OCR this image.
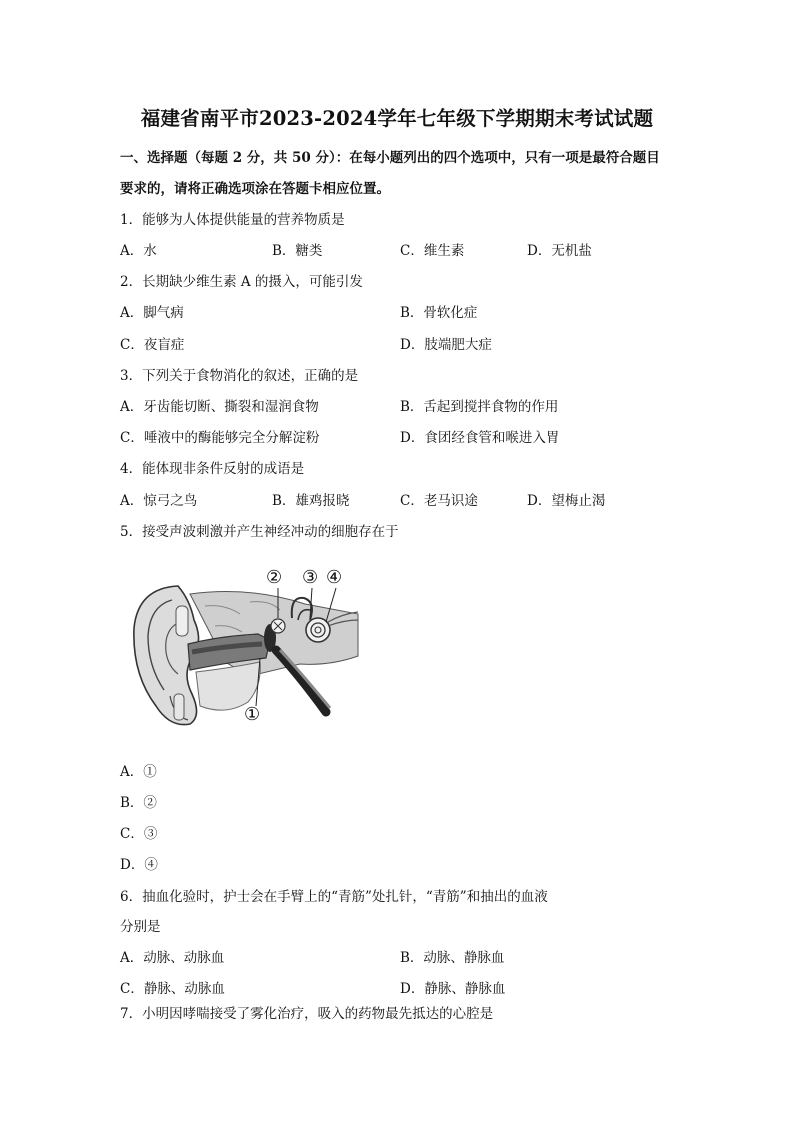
福建省南平市2023-2024学年七年级下学期期末考试试题
一、选择题（每题 2 分，共 50 分）：在每小题列出的四个选项中，只有一项是最符合题目
要求的，请将正确选项涂在答题卡相应位置。
1．能够为人体提供能量的营养物质是
A．水	B．糖类	C．维生素	D．无机盐
2．长期缺少维生素 A 的摄入，可能引发
A．脚气病	B．骨软化症
C．夜盲症	D．肢端肥大症
3．下列关于食物消化的叙述，正确的是
A．牙齿能切断、撕裂和湿润食物	B．舌起到搅拌食物的作用
C．唾液中的酶能够完全分解淀粉	D．食团经食管和喉进入胃
4．能体现非条件反射的成语是
A．惊弓之鸟	B．雄鸡报晓	C．老马识途	D．望梅止渴
5．接受声波刺激并产生神经冲动的细胞存在于
② ③ ④
①
A．①
B．②
C．③
D．④
6．抽血化验时，护士会在手臂上的“青筋”处扎针，“青筋”和抽出的血液
分别是
A．动脉、动脉血	B．动脉、静脉血
C．静脉、动脉血	D．静脉、静脉血
7．小明因哮喘接受了雾化治疗，吸入的药物最先抵达的心腔是
